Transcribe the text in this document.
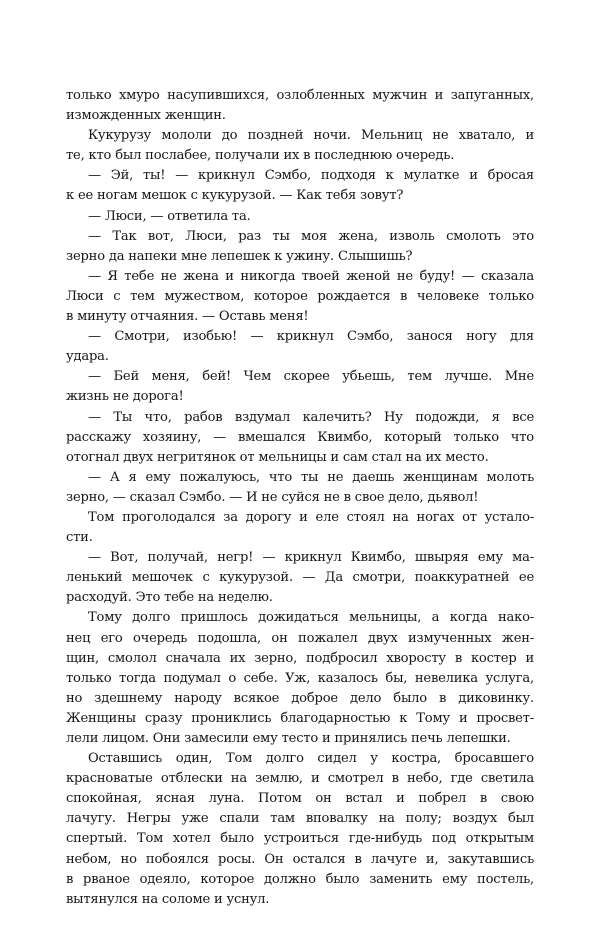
только хмуро насупившихся, озлобленных мужчин и запуганных,
изможденных женщин.
Кукурузу мололи до поздней ночи. Мельниц не хватало, и
те, кто был послабее, получали их в последнюю очередь.
— Эй, ты! — крикнул Сэмбо, подходя к мулатке и бросая
к ее ногам мешок с кукурузой. — Как тебя зовут?
— Люси, — ответила та.
— Так вот, Люси, раз ты моя жена, изволь смолоть это
зерно да напеки мне лепешек к ужину. Слышишь?
— Я тебе не жена и никогда твоей женой не буду! — сказала
Люси с тем мужеством, которое рождается в человеке только
в минуту отчаяния. — Оставь меня!
— Смотри, изобью! — крикнул Сэмбо, занося ногу для
удара.
— Бей меня, бей! Чем скорее убьешь, тем лучше. Мне
жизнь не дорога!
— Ты что, рабов вздумал калечить? Ну подожди, я все
расскажу хозяину, — вмешался Квимбо, который только что
отогнал двух негритянок от мельницы и сам стал на их место.
— А я ему пожалуюсь, что ты не даешь женщинам молоть
зерно, — сказал Сэмбо. — И не суйся не в свое дело, дьявол!
Том проголодался за дорогу и еле стоял на ногах от устало-
сти.
— Вот, получай, негр! — крикнул Квимбо, швыряя ему ма-
ленький мешочек с кукурузой. — Да смотри, поаккуратней ее
расходуй. Это тебе на неделю.
Тому долго пришлось дожидаться мельницы, а когда нако-
нец его очередь подошла, он пожалел двух измученных жен-
щин, смолол сначала их зерно, подбросил хворосту в костер и
только тогда подумал о себе. Уж, казалось бы, невелика услуга,
но здешнему народу всякое доброе дело было в диковинку.
Женщины сразу прониклись благодарностью к Тому и просвет-
лели лицом. Они замесили ему тесто и принялись печь лепешки.
Оставшись один, Том долго сидел у костра, бросавшего
красноватые отблески на землю, и смотрел в небо, где светила
спокойная, ясная луна. Потом он встал и побрел в свою
лачугу. Негры уже спали там вповалку на полу; воздух был
спертый. Том хотел было устроиться где-нибудь под открытым
небом, но побоялся росы. Он остался в лачуге и, закутавшись
в рваное одеяло, которое должно было заменить ему постель,
вытянулся на соломе и уснул.
